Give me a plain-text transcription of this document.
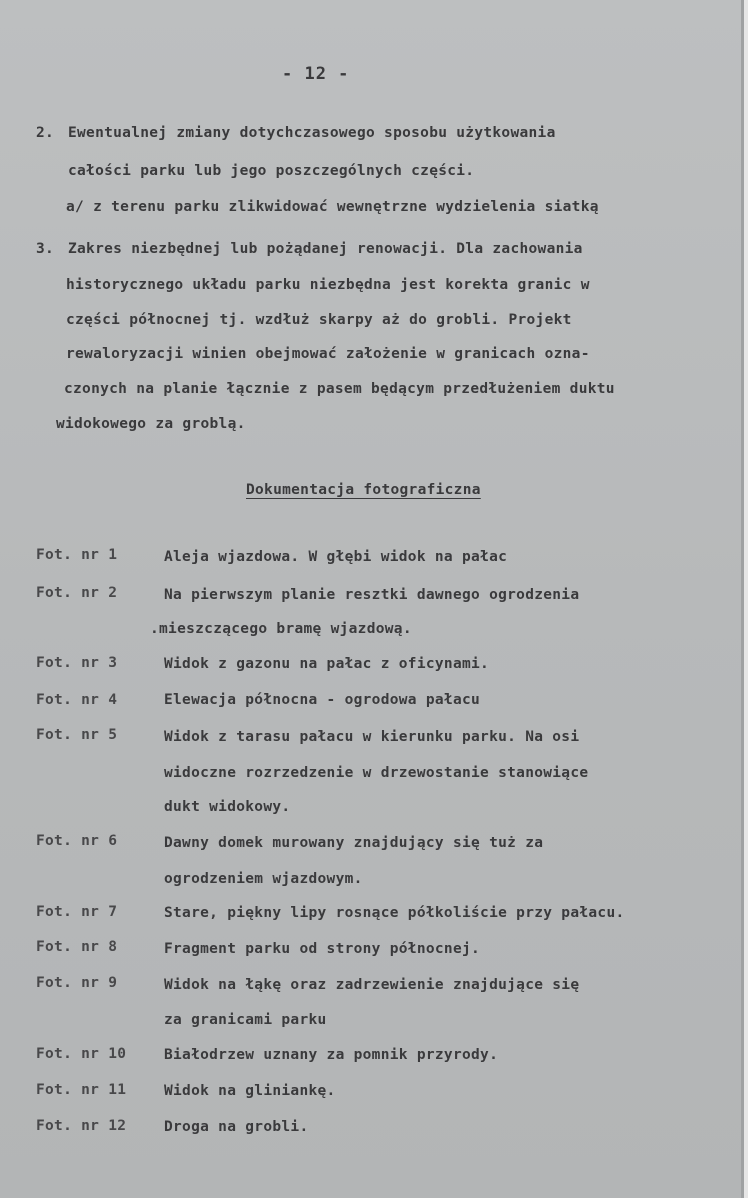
- 12 -
2. Ewentualnej zmiany dotychczasowego sposobu użytkowania
całości parku lub jego poszczególnych części.
a/ z terenu parku zlikwidować wewnętrzne wydzielenia siatką
3. Zakres niezbędnej lub pożądanej renowacji. Dla zachowania
historycznego układu parku niezbędna jest korekta granic w
części północnej tj. wzdłuż skarpy aż do grobli. Projekt
rewaloryzacji winien obejmować założenie w granicach ozna-
czonych na planie łącznie z pasem będącym przedłużeniem duktu
widokowego za groblą.
Dokumentacja fotograficzna
Fot. nr 1	Aleja wjazdowa. W głębi widok na pałac
Fot. nr 2	Na pierwszym planie resztki dawnego ogrodzenia
.mieszczącego bramę wjazdową.
Fot. nr 3	Widok z gazonu na pałac z oficynami.
Fot. nr 4	Elewacja północna - ogrodowa pałacu
Fot. nr 5	Widok z tarasu pałacu w kierunku parku. Na osi
widoczne rozrzedzenie w drzewostanie stanowiące
dukt widokowy.
Fot. nr 6	Dawny domek murowany znajdujący się tuż za
ogrodzeniem wjazdowym.
Fot. nr 7	Stare, piękny lipy rosnące półkoliście przy pałacu.
Fot. nr 8	Fragment parku od strony północnej.
Fot. nr 9	Widok na łąkę oraz zadrzewienie znajdujące się
za granicami parku
Fot. nr 10	Białodrzew uznany za pomnik przyrody.
Fot. nr 11	Widok na gliniankę.
Fot. nr 12	Droga na grobli.
